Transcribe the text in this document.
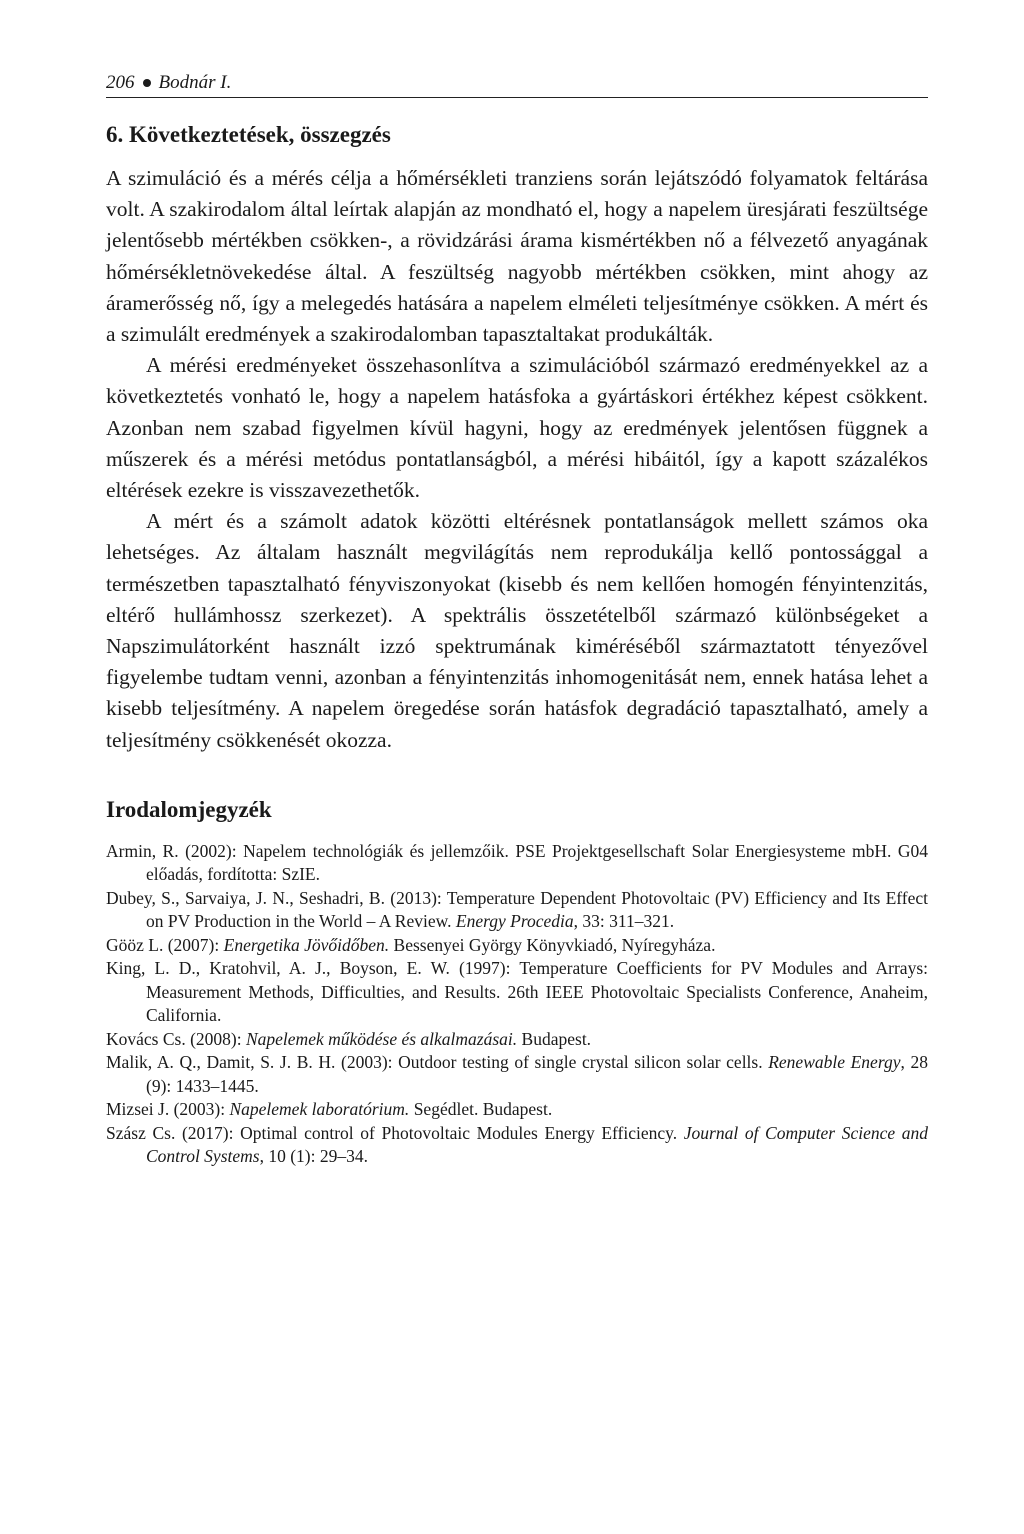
206 Bodnár I.
6. Következtetések, összegzés

A szimuláció és a mérés célja a hőmérsékleti tranziens során lejátszódó folyamatok feltárása volt. A szakirodalom által leírtak alapján az mondható el, hogy a napelem üresjárati feszültsége jelentősebb mértékben csökken-, a rövidzárási árama kismértékben nő a félvezető anyagának hőmérsékletnövekedése által. A feszültség nagyobb mértékben csökken, mint ahogy az áramerősség nő, így a melegedés hatására a napelem elméleti teljesítménye csökken. A mért és a szimulált eredmények a szakirodalomban tapasztaltakat produkálták.

A mérési eredményeket összehasonlítva a szimulációból származó eredményekkel az a következtetés vonható le, hogy a napelem hatásfoka a gyártáskori értékhez képest csökkent. Azonban nem szabad figyelmen kívül hagyni, hogy az eredmények jelentősen függnek a műszerek és a mérési metódus pontatlanságból, a mérési hibáitól, így a kapott százalékos eltérések ezekre is visszavezethetők.

A mért és a számolt adatok közötti eltérésnek pontatlanságok mellett számos oka lehetséges. Az általam használt megvilágítás nem reprodukálja kellő pontossággal a természetben tapasztalható fényviszonyokat (kisebb és nem kellően homogén fényintenzitás, eltérő hullámhossz szerkezet). A spektrális összetételből származó különbségeket a Napszimulátorként használt izzó spektrumának kiméréséből származtatott tényezővel figyelembe tudtam venni, azonban a fényintenzitás inhomogenitását nem, ennek hatása lehet a kisebb teljesítmény. A napelem öregedése során hatásfok degradáció tapasztalható, amely a teljesítmény csökkenését okozza.

Irodalomjegyzék
Armin, R. (2002): Napelem technológiák és jellemzőik. PSE Projektgesellschaft Solar Energiesysteme mbH. G04 előadás, fordította: SzIE.
Dubey, S., Sarvaiya, J. N., Seshadri, B. (2013): Temperature Dependent Photovoltaic (PV) Efficiency and Its Effect on PV Production in the World – A Review. Energy Procedia, 33: 311–321.
Gööz L. (2007): Energetika Jövőidőben. Bessenyei György Könyvkiadó, Nyíregyháza.
King, L. D., Kratohvil, A. J., Boyson, E. W. (1997): Temperature Coefficients for PV Modules and Arrays: Measurement Methods, Difficulties, and Results. 26th IEEE Photovoltaic Specialists Conference, Anaheim, California.
Kovács Cs. (2008): Napelemek működése és alkalmazásai. Budapest.
Malik, A. Q., Damit, S. J. B. H. (2003): Outdoor testing of single crystal silicon solar cells. Renewable Energy, 28 (9): 1433–1445.
Mizsei J. (2003): Napelemek laboratórium. Segédlet. Budapest.
Szász Cs. (2017): Optimal control of Photovoltaic Modules Energy Efficiency. Journal of Computer Science and Control Systems, 10 (1): 29–34.
